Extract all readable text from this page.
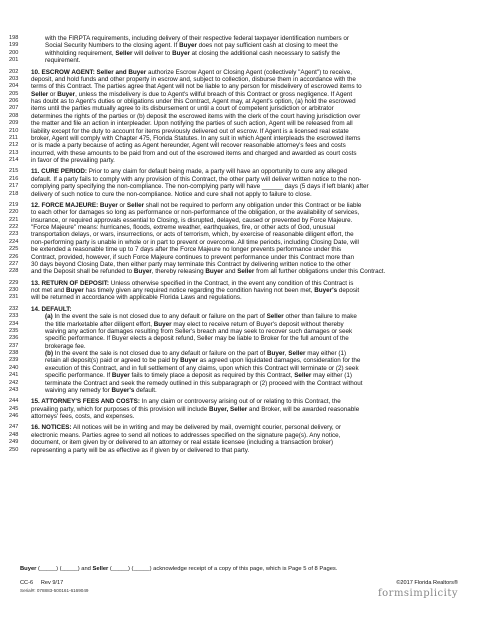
198	with the FIRPTA requirements, including delivery of their respective federal taxpayer identification numbers or
199	Social Security Numbers to the closing agent. If Buyer does not pay sufficient cash at closing to meet the
200	withholding requirement, Seller will deliver to Buyer at closing the additional cash necessary to satisfy the
201	requirement.
202	10. ESCROW AGENT: Seller and Buyer authorize Escrow Agent or Closing Agent (collectively "Agent") to receive,
203	deposit, and hold funds and other property in escrow and, subject to collection, disburse them in accordance with the
204	terms of this Contract. The parties agree that Agent will not be liable to any person for misdelivery of escrowed items to
205	Seller or Buyer, unless the misdelivery is due to Agent's willful breach of this Contract or gross negligence. If Agent
206	has doubt as to Agent's duties or obligations under this Contract, Agent may, at Agent's option, (a) hold the escrowed
207	items until the parties mutually agree to its disbursement or until a court of competent jurisdiction or arbitrator
208	determines the rights of the parties or (b) deposit the escrowed items with the clerk of the court having jurisdiction over
209	the matter and file an action in interpleader. Upon notifying the parties of such action, Agent will be released from all
210	liability except for the duty to account for items previously delivered out of escrow. If Agent is a licensed real estate
211	broker, Agent will comply with Chapter 475, Florida Statutes. In any suit in which Agent interpleads the escrowed items
212	or is made a party because of acting as Agent hereunder, Agent will recover reasonable attorney's fees and costs
213	incurred, with these amounts to be paid from and out of the escrowed items and charged and awarded as court costs
214	in favor of the prevailing party.
215	11. CURE PERIOD: Prior to any claim for default being made, a party will have an opportunity to cure any alleged
216	default. If a party fails to comply with any provision of this Contract, the other party will deliver written notice to the non-
217	complying party specifying the non-compliance. The non-complying party will have ______ days (5 days if left blank) after
218	delivery of such notice to cure the non-compliance. Notice and cure shall not apply to failure to close.
219	12. FORCE MAJEURE: Buyer or Seller shall not be required to perform any obligation under this Contract or be liable
220	to each other for damages so long as performance or non-performance of the obligation, or the availability of services,
221	insurance, or required approvals essential to Closing, is disrupted, delayed, caused or prevented by Force Majeure.
222	"Force Majeure" means: hurricanes, floods, extreme weather, earthquakes, fire, or other acts of God, unusual
223	transportation delays, or wars, insurrections, or acts of terrorism, which, by exercise of reasonable diligent effort, the
224	non-performing party is unable in whole or in part to prevent or overcome. All time periods, including Closing Date, will
225	be extended a reasonable time up to 7 days after the Force Majeure no longer prevents performance under this
226	Contract, provided, however, if such Force Majeure continues to prevent performance under this Contract more than
227	30 days beyond Closing Date, then either party may terminate this Contract by delivering written notice to the other
228	and the Deposit shall be refunded to Buyer, thereby releasing Buyer and Seller from all further obligations under this Contract.
229	13. RETURN OF DEPOSIT: Unless otherwise specified in the Contract, in the event any condition of this Contract is
230	not met and Buyer has timely given any required notice regarding the condition having not been met, Buyer's deposit
231	will be returned in accordance with applicable Florida Laws and regulations.
232	14. DEFAULT:
233	(a) In the event the sale is not closed due to any default or failure on the part of Seller other than failure to make
234	the title marketable after diligent effort, Buyer may elect to receive return of Buyer's deposit without thereby
235	waiving any action for damages resulting from Seller's breach and may seek to recover such damages or seek
236	specific performance. If Buyer elects a deposit refund, Seller may be liable to Broker for the full amount of the
237	brokerage fee.
238	(b) In the event the sale is not closed due to any default or failure on the part of Buyer, Seller may either (1)
239	retain all deposit(s) paid or agreed to be paid by Buyer as agreed upon liquidated damages, consideration for the
240	execution of this Contract, and in full settlement of any claims, upon which this Contract will terminate or (2) seek
241	specific performance. If Buyer fails to timely place a deposit as required by this Contract, Seller may either (1)
242	terminate the Contract and seek the remedy outlined in this subparagraph or (2) proceed with the Contract without
243	waiving any remedy for Buyer's default.
244	15. ATTORNEY'S FEES AND COSTS: In any claim or controversy arising out of or relating to this Contract, the
245	prevailing party, which for purposes of this provision will include Buyer, Seller and Broker, will be awarded reasonable
246	attorneys' fees, costs, and expenses.
247	16. NOTICES: All notices will be in writing and may be delivered by mail, overnight courier, personal delivery, or
248	electronic means. Parties agree to send all notices to addresses specified on the signature page(s). Any notice,
249	document, or item given by or delivered to an attorney or real estate licensee (including a transaction broker)
250	representing a party will be as effective as if given by or delivered to that party.
Buyer (_____) (_____) and Seller (_____) (_____) acknowledge receipt of a copy of this page, which is Page 5 of 8 Pages.
CC-6     Rev 9/17	©2017 Florida Realtors®
Serial#: 078883-500161-6169049	formsimplicity
